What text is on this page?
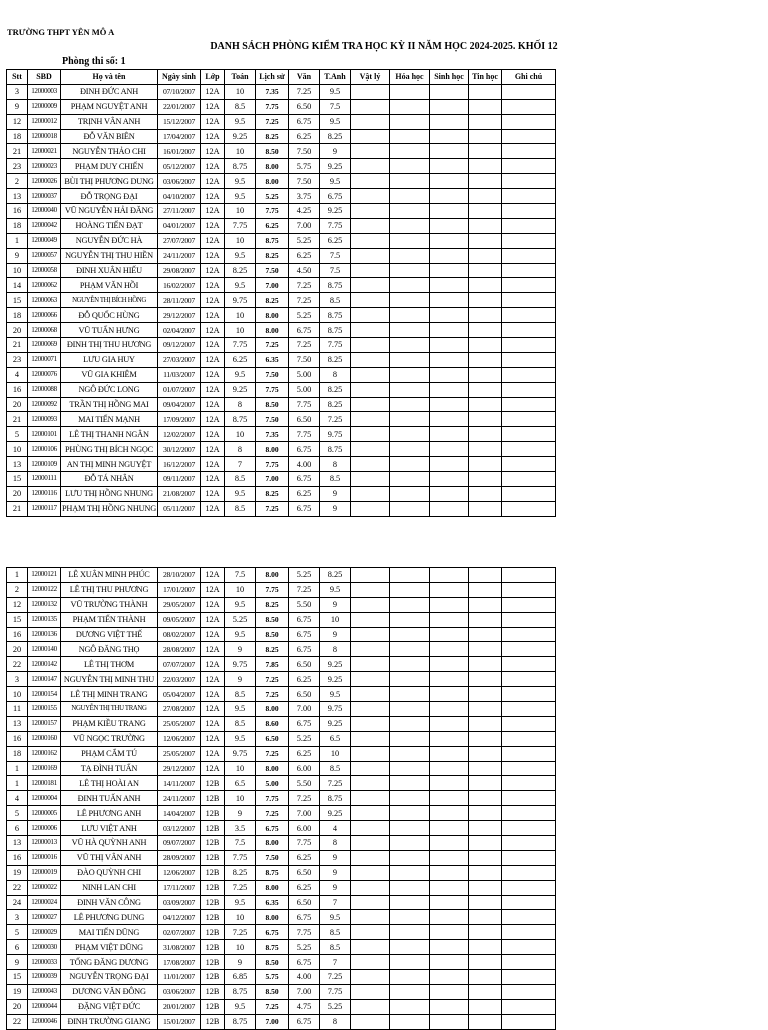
TRƯỜNG THPT YÊN MÔ A
DANH SÁCH PHÒNG KIỂM TRA HỌC KỲ II NĂM HỌC 2024-2025. KHỐI 12
Phòng thi số: 1
Stt	SBD	Họ và tên	Ngày sinh	Lớp	Toán	Lịch sử	Văn	T.Anh	Vật lý	Hóa học	Sinh học	Tin học	Ghi chú
3	12000003	ĐINH ĐỨC ANH	07/10/2007	12A	10	7.35	7.25	9.5					
9	12000009	PHẠM NGUYỆT ANH	22/01/2007	12A	8.5	7.75	6.50	7.5					
12	12000012	TRỊNH VÂN ANH	15/12/2007	12A	9.5	7.25	6.75	9.5					
18	12000018	ĐỖ VĂN BIÊN	17/04/2007	12A	9.25	8.25	6.25	8.25					
21	12000021	NGUYỄN THẢO CHI	16/01/2007	12A	10	8.50	7.50	9					
23	12000023	PHẠM DUY CHIẾN	05/12/2007	12A	8.75	8.00	5.75	9.25					
2	12000026	BÙI THỊ PHƯƠNG DUNG	03/06/2007	12A	9.5	8.00	7.50	9.5					
13	12000037	ĐỖ TRỌNG ĐẠI	04/10/2007	12A	9.5	5.25	3.75	6.75					
16	12000040	VŨ NGUYỄN HẢI ĐĂNG	27/11/2007	12A	10	7.75	4.25	9.25					
18	12000042	HOÀNG TIẾN ĐẠT	04/01/2007	12A	7.75	6.25	7.00	7.75					
1	12000049	NGUYỄN ĐỨC HÀ	27/07/2007	12A	10	8.75	5.25	6.25					
9	12000057	NGUYỄN THỊ THU HIỀN	24/11/2007	12A	9.5	8.25	6.25	7.5					
10	12000058	ĐINH XUÂN HIẾU	29/08/2007	12A	8.25	7.50	4.50	7.5					
14	12000062	PHẠM VĂN HỒI	16/02/2007	12A	9.5	7.00	7.25	8.75					
15	12000063	NGUYỄN THỊ BÍCH HỒNG	28/11/2007	12A	9.75	8.25	7.25	8.5					
18	12000066	ĐỖ QUỐC HÙNG	29/12/2007	12A	10	8.00	5.25	8.75					
20	12000068	VŨ TUẤN HƯNG	02/04/2007	12A	10	8.00	6.75	8.75					
21	12000069	ĐINH THỊ THU HƯƠNG	09/12/2007	12A	7.75	7.25	7.25	7.75					
23	12000071	LƯU GIA HUY	27/03/2007	12A	6.25	6.35	7.50	8.25					
4	12000076	VŨ GIA KHIÊM	11/03/2007	12A	9.5	7.50	5.00	8					
16	12000088	NGÔ ĐỨC LONG	01/07/2007	12A	9.25	7.75	5.00	8.25					
20	12000092	TRẦN THỊ HỒNG MAI	09/04/2007	12A	8	8.50	7.75	8.25					
21	12000093	MAI TIẾN MẠNH	17/09/2007	12A	8.75	7.50	6.50	7.25					
5	12000101	LÊ THỊ THANH NGÂN	12/02/2007	12A	10	7.35	7.75	9.75					
10	12000106	PHÙNG THỊ BÍCH NGỌC	30/12/2007	12A	8	8.00	6.75	8.75					
13	12000109	AN THỊ MINH NGUYỆT	16/12/2007	12A	7	7.75	4.00	8					
15	12000111	ĐỖ TÁ NHÂN	09/11/2007	12A	8.5	7.00	6.75	8.5					
20	12000116	LƯU THỊ HỒNG NHUNG	21/08/2007	12A	9.5	8.25	6.25	9					
21	12000117	PHẠM THỊ HỒNG NHUNG	05/11/2007	12A	8.5	7.25	6.75	9					
1	12000121	LÊ XUÂN MINH PHÚC	28/10/2007	12A	7.5	8.00	5.25	8.25					
2	12000122	LÊ THỊ THU PHƯƠNG	17/01/2007	12A	10	7.75	7.25	9.5					
12	12000132	VŨ TRƯỜNG THÀNH	29/05/2007	12A	9.5	8.25	5.50	9					
15	12000135	PHẠM TIẾN THÀNH	09/05/2007	12A	5.25	8.50	6.75	10					
16	12000136	DƯƠNG VIỆT THẾ	08/02/2007	12A	9.5	8.50	6.75	9					
20	12000140	NGÔ ĐĂNG THỌ	28/08/2007	12A	9	8.25	6.75	8					
22	12000142	LÊ THỊ THƠM	07/07/2007	12A	9.75	7.85	6.50	9.25					
3	12000147	NGUYỄN THỊ MINH THU	22/03/2007	12A	9	7.25	6.25	9.25					
10	12000154	LÊ THỊ MINH TRANG	05/04/2007	12A	8.5	7.25	6.50	9.5					
11	12000155	NGUYỄN THỊ THU TRANG	27/08/2007	12A	9.5	8.00	7.00	9.75					
13	12000157	PHẠM KIỀU TRANG	25/05/2007	12A	8.5	8.60	6.75	9.25					
16	12000160	VŨ NGỌC TRƯỜNG	12/06/2007	12A	9.5	6.50	5.25	6.5					
18	12000162	PHẠM CẨM TÚ	25/05/2007	12A	9.75	7.25	6.25	10					
1	12000169	TẠ ĐÌNH TUẤN	29/12/2007	12A	10	8.00	6.00	8.5					
1	12000181	LÊ THỊ HOÀI AN	14/11/2007	12B	6.5	5.00	5.50	7.25					
4	12000004	ĐINH TUẤN ANH	24/11/2007	12B	10	7.75	7.25	8.75					
5	12000005	LÊ PHƯƠNG ANH	14/04/2007	12B	9	7.25	7.00	9.25					
6	12000006	LƯU VIỆT ANH	03/12/2007	12B	3.5	6.75	6.00	4					
13	12000013	VŨ HÀ QUỲNH ANH	09/07/2007	12B	7.5	8.00	7.75	8					
16	12000016	VŨ THỊ VÂN ANH	28/09/2007	12B	7.75	7.50	6.25	9					
19	12000019	ĐÀO QUỲNH CHI	12/06/2007	12B	8.25	8.75	6.50	9					
22	12000022	NINH LAN CHI	17/11/2007	12B	7.25	8.00	6.25	9					
24	12000024	ĐINH VĂN CÔNG	03/09/2007	12B	9.5	6.35	6.50	7					
3	12000027	LÊ PHƯƠNG DUNG	04/12/2007	12B	10	8.00	6.75	9.5					
5	12000029	MAI TIẾN DŨNG	02/07/2007	12B	7.25	6.75	7.75	8.5					
6	12000030	PHẠM VIỆT DŨNG	31/08/2007	12B	10	8.75	5.25	8.5					
9	12000033	TỐNG ĐĂNG DƯƠNG	17/08/2007	12B	9	8.50	6.75	7					
15	12000039	NGUYỄN TRỌNG ĐẠI	11/01/2007	12B	6.85	5.75	4.00	7.25					
19	12000043	DƯƠNG VĂN ĐÔNG	03/06/2007	12B	8.75	8.50	7.00	7.75					
20	12000044	ĐẶNG VIỆT ĐỨC	20/01/2007	12B	9.5	7.25	4.75	5.25					
22	12000046	ĐINH TRƯỜNG GIANG	15/01/2007	12B	8.75	7.00	6.75	8					
